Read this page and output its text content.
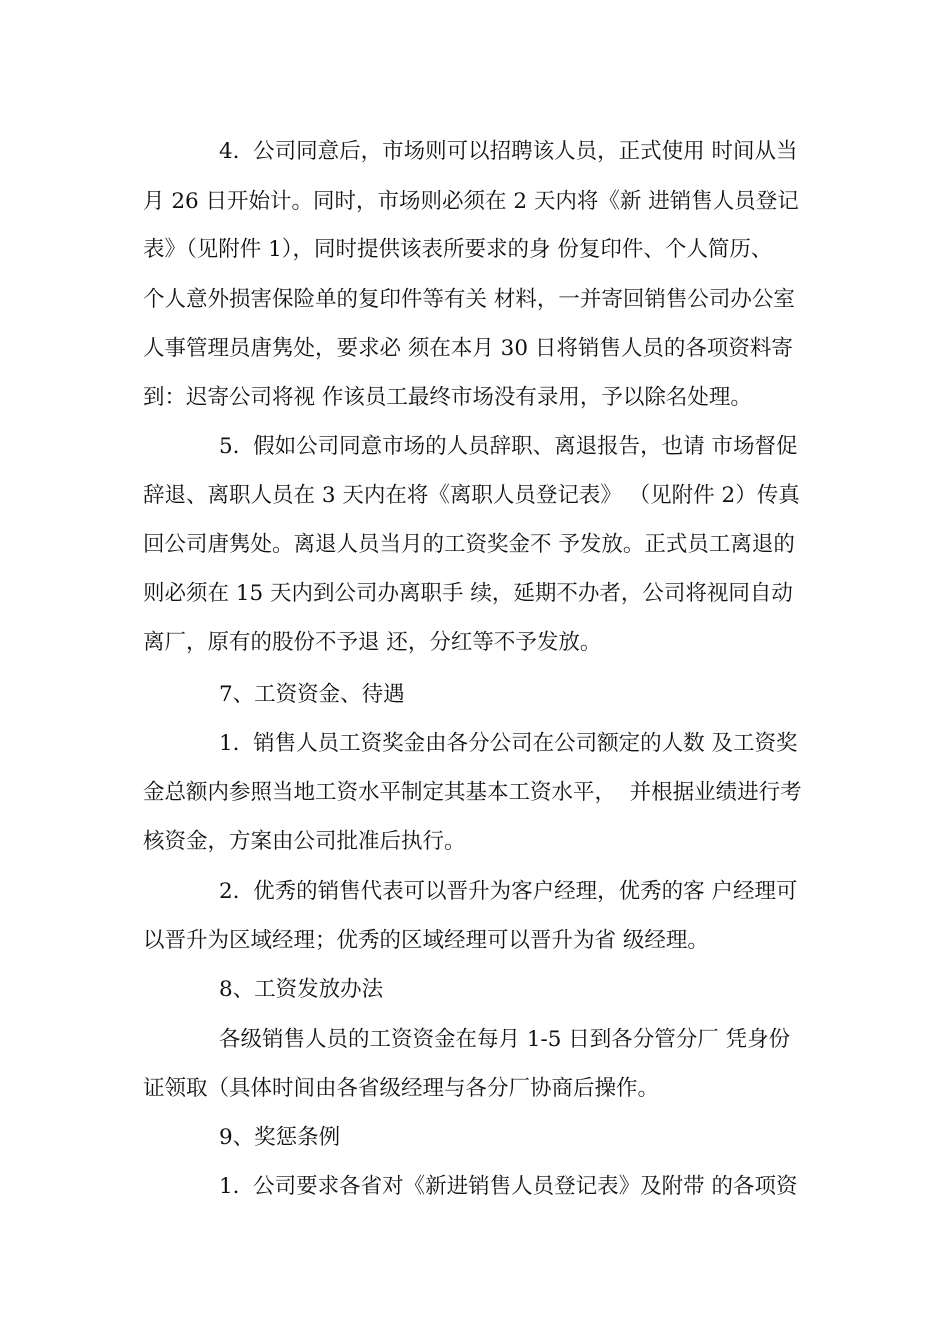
4.  公司同意后，市场则可以招聘该人员，正式使用 时间从当
月 26 日开始计。同时，市场则必须在 2 天内将《新 进销售人员登记
表》（见附件 1），同时提供该表所要求的身 份复印件、个人简历、
个人意外损害保险单的复印件等有关 材料，一并寄回销售公司办公室
人事管理员唐隽处，要求必 须在本月 30 日将销售人员的各项资料寄
到：迟寄公司将视 作该员工最终市场没有录用，予以除名处理。
5.  假如公司同意市场的人员辞职、离退报告，也请 市场督促
辞退、离职人员在 3 天内在将《离职人员登记表》 （见附件 2）传真
回公司唐隽处。离退人员当月的工资奖金不 予发放。正式员工离退的
则必须在 15 天内到公司办离职手 续，延期不办者，公司将视同自动
离厂，原有的股份不予退 还，分红等不予发放。
7、工资资金、待遇
1.  销售人员工资奖金由各分公司在公司额定的人数 及工资奖
金总额内参照当地工资水平制定其基本工资水平，  并根据业绩进行考
核资金，方案由公司批准后执行。
2.  优秀的销售代表可以晋升为客户经理，优秀的客 户经理可
以晋升为区域经理；优秀的区域经理可以晋升为省 级经理。
8、工资发放办法
各级销售人员的工资资金在每月 1-5 日到各分管分厂 凭身份
证领取（具体时间由各省级经理与各分厂协商后操作。
9、奖惩条例
1.  公司要求各省对《新进销售人员登记表》及附带 的各项资
